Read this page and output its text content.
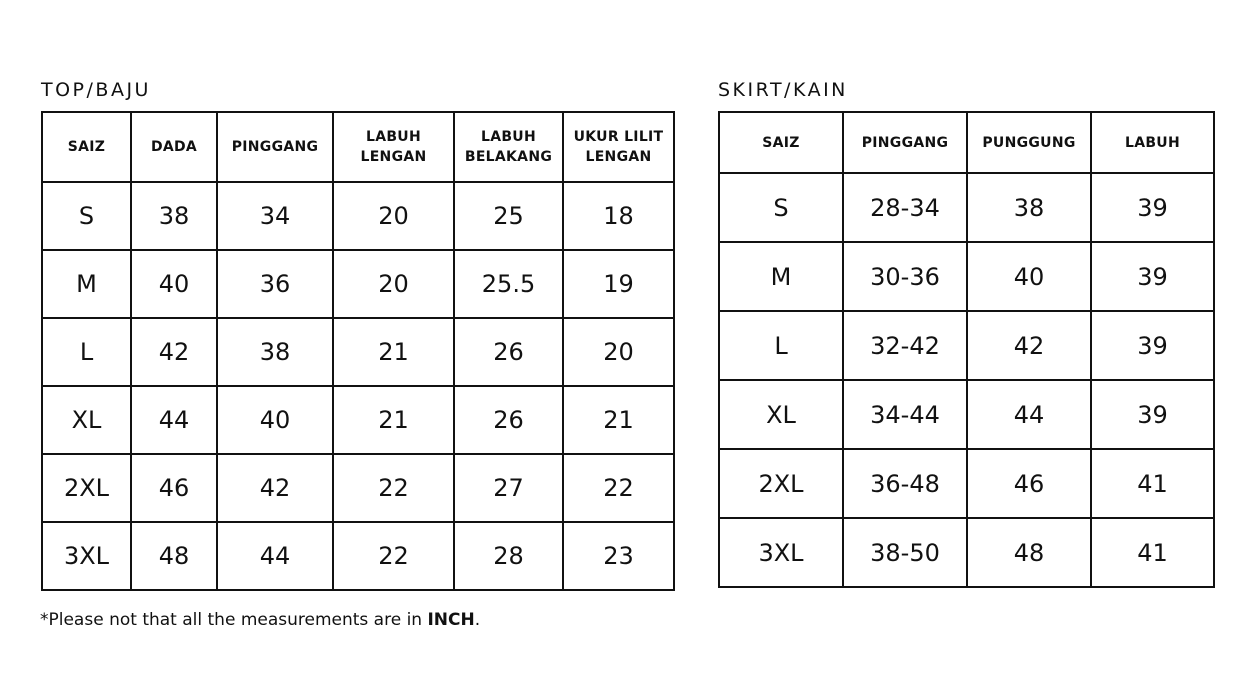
TOP/BAJU
SAIZ	DADA	PINGGANG	LABUH LENGAN	LABUH BELAKANG	UKUR LILIT LENGAN
S	38	34	20	25	18
M	40	36	20	25.5	19
L	42	38	21	26	20
XL	44	40	21	26	21
2XL	46	42	22	27	22
3XL	48	44	22	28	23
SKIRT/KAIN
SAIZ	PINGGANG	PUNGGUNG	LABUH
S	28-34	38	39
M	30-36	40	39
L	32-42	42	39
XL	34-44	44	39
2XL	36-48	46	41
3XL	38-50	48	41

*Please not that all the measurements are in INCH.
